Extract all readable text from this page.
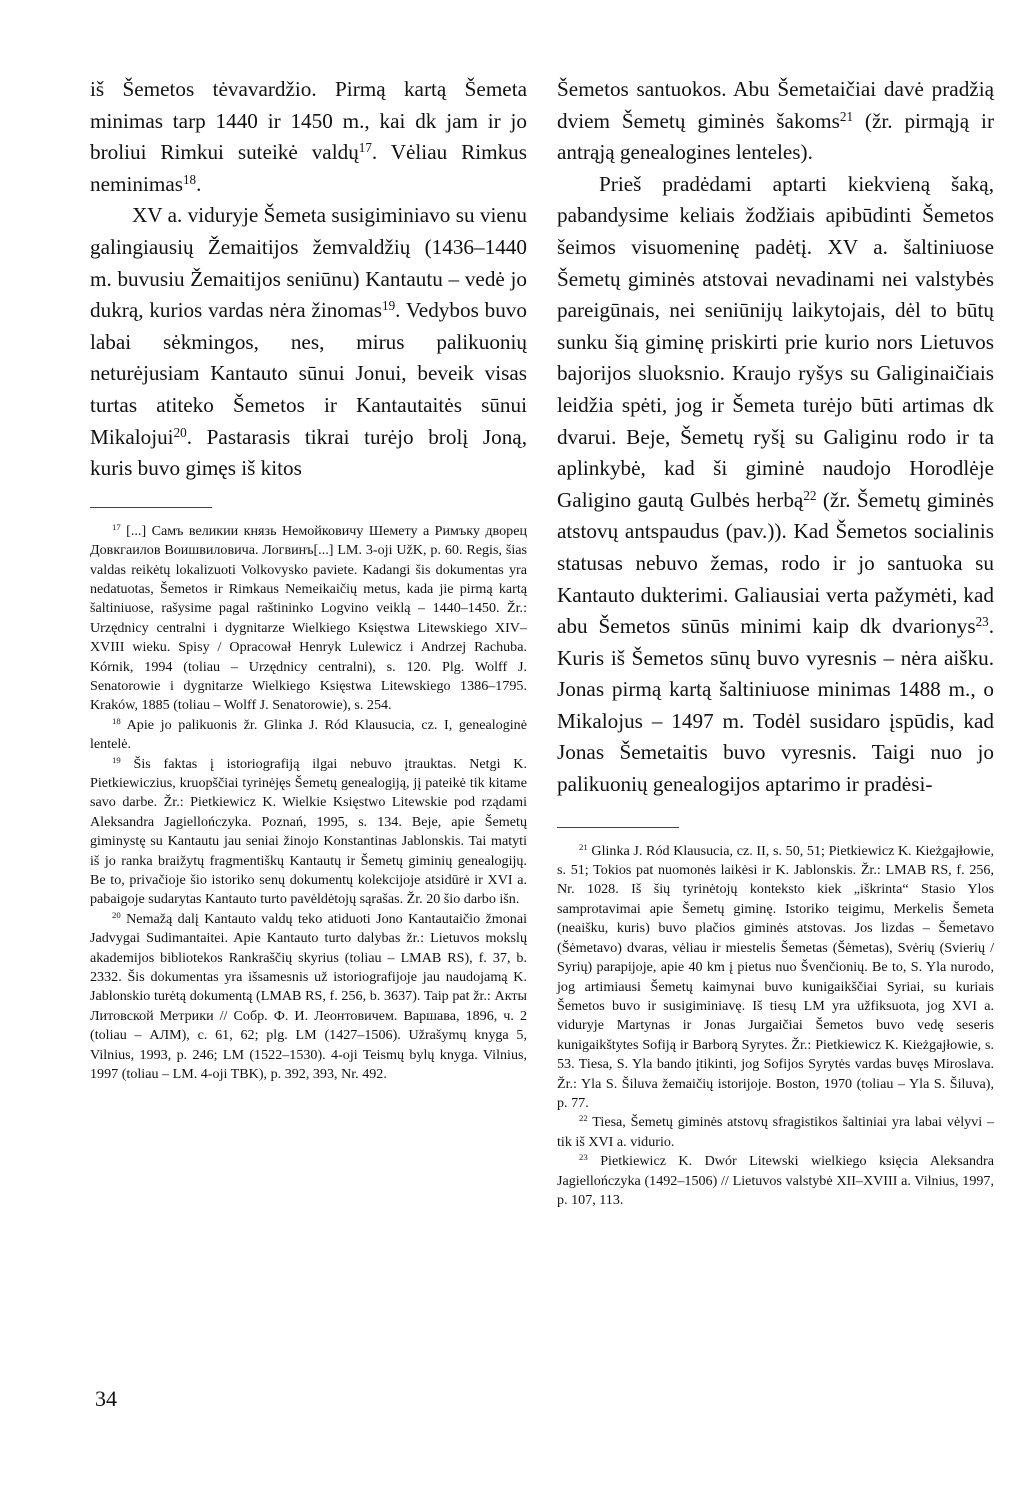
iš Šemetos tėvavardžio. Pirmą kartą Šemeta minimas tarp 1440 ir 1450 m., kai dk jam ir jo broliui Rimkui suteikė valdų$^{17}$. Vėliau Rimkus neminimas$^{18}$.

XV a. viduryje Šemeta susigiminiavo su vienu galingiausių Žemaitijos žemvaldžių (1436–1440 m. buvusiu Žemaitijos seniūnu) Kantautu – vedė jo dukrą, kurios vardas nėra žinomas$^{19}$. Vedybos buvo labai sėkmingos, nes, mirus palikuonių neturėjusiam Kantauto sūnui Jonui, beveik visas turtas atiteko Šemetos ir Kantautaitės sūnui Mikalojui$^{20}$. Pastarasis tikrai turėjo brolį Joną, kuris buvo gimęs iš kitos

$^{17}$ [...] Самъ великии князь Немойковичу Шемету а Римъку дворец Довкгаилов Воишвиловича. Логвинъ[...] LM. 3-oji UžK, p. 60. Regis, šias valdas reikėtų lokalizuoti Volkovysko paviete. Kadangi šis dokumentas yra nedatuotas, Šemetos ir Rimkaus Nemeikaičių metus, kada jie pirmą kartą šaltiniuose, rašysime pagal raštininko Logvino veiklą – 1440–1450. Žr.: Urzędnicy centralni i dygnitarze Wielkiego Księstwa Litewskiego XIV–XVIII wieku. Spisy / Opracował Henryk Lulewicz i Andrzej Rachuba. Kórnik, 1994 (toliau – Urzędnicy centralni), s. 120. Plg. Wolff J. Senatorowie i dygnitarze Wielkiego Księstwa Litewskiego 1386–1795. Kraków, 1885 (toliau – Wolff J. Senatorowie), s. 254.

$^{18}$ Apie jo palikuonis žr. Glinka J. Ród Klausucia, cz. I, genealoginė lentelė.

$^{19}$ Šis faktas į istoriografiją ilgai nebuvo įtrauktas. Netgi K. Pietkiewiczius, kruopščiai tyrinėjęs Šemetų genealogiją, jį pateikė tik kitame savo darbe. Žr.: Pietkiewicz K. Wielkie Księstwo Litewskie pod rządami Aleksandra Jagiellończyka. Poznań, 1995, s. 134. Beje, apie Šemetų giminystę su Kantautu jau seniai žinojo Konstantinas Jablonskis. Tai matyti iš jo ranka braižytų fragmentiškų Kantautų ir Šemetų giminių genealogijų. Be to, privačioje šio istoriko senų dokumentų kolekcijoje atsidūrė ir XVI a. pabaigoje sudarytas Kantauto turto pavėldėtojų sąrašas. Žr. 20 šio darbo išn.

$^{20}$ Nemažą dalį Kantauto valdų teko atiduoti Jono Kantautaičio žmonai Jadvygai Sudimantaitei. Apie Kantauto turto dalybas žr.: Lietuvos mokslų akademijos bibliotekos Rankraščių skyrius (toliau – LMAB RS), f. 37, b. 2332. Šis dokumentas yra išsamesnis už istoriografijoje jau naudojamą K. Jablonskio turėtą dokumentą (LMAB RS, f. 256, b. 3637). Taip pat žr.: Акты Литовской Метрики // Собр. Ф. И. Леонтовичем. Варшава, 1896, ч. 2 (toliau – АЛМ), с. 61, 62; plg. LM (1427–1506). Užrašymų knyga 5, Vilnius, 1993, p. 246; LM (1522–1530). 4-oji Teismų bylų knyga. Vilnius, 1997 (toliau – LM. 4-oji TBK), p. 392, 393, Nr. 492.

Šemetos santuokos. Abu Šemetaičiai davė pradžią dviem Šemetų giminės šakoms$^{21}$ (žr. pirmąją ir antrąją genealogines lenteles).

Prieš pradėdami aptarti kiekvieną šaką, pabandysime keliais žodžiais apibūdinti Šemetos šeimos visuomeninę padėtį. XV a. šaltiniuose Šemetų giminės atstovai nevadinami nei valstybės pareigūnais, nei seniūnijų laikytojais, dėl to būtų sunku šią giminę priskirti prie kurio nors Lietuvos bajorijos sluoksnio. Kraujo ryšys su Galiginaičiais leidžia spėti, jog ir Šemeta turėjo būti artimas dk dvarui. Beje, Šemetų ryšį su Galiginu rodo ir ta aplinkybė, kad ši giminė naudojo Horodlėje Galigino gautą Gulbės herbą$^{22}$ (žr. Šemetų giminės atstovų antspaudus (pav.)). Kad Šemetos socialinis statusas nebuvo žemas, rodo ir jo santuoka su Kantauto dukterimi. Galiausiai verta pažymėti, kad abu Šemetos sūnūs minimi kaip dk dvarionys$^{23}$. Kuris iš Šemetos sūnų buvo vyresnis – nėra aišku. Jonas pirmą kartą šaltiniuose minimas 1488 m., o Mikalojus – 1497 m. Todėl susidaro įspūdis, kad Jonas Šemetaitis buvo vyresnis. Taigi nuo jo palikuonių genealogijos aptarimo ir pradėsi-

$^{21}$ Glinka J. Ród Klausucia, cz. II, s. 50, 51; Pietkiewicz K. Kieżgajłowie, s. 51; Tokios pat nuomonės laikėsi ir K. Jablonskis. Žr.: LMAB RS, f. 256, Nr. 1028. Iš šių tyrinėtojų konteksto kiek „iškrinta“ Stasio Ylos samprotavimai apie Šemetų giminę. Istoriko teigimu, Merkelis Šemeta (neaišku, kuris) buvo plačios giminės atstovas. Jos lizdas – Šemetavo (Šėmetavo) dvaras, vėliau ir miestelis Šemetas (Šėmetas), Svėrių (Svierių / Syrių) parapijoje, apie 40 km į pietus nuo Švenčionių. Be to, S. Yla nurodo, jog artimiausi Šemetų kaimynai buvo kunigaikščiai Syriai, su kuriais Šemetos buvo ir susigiminiavę. Iš tiesų LM yra užfiksuota, jog XVI a. viduryje Martynas ir Jonas Jurgaičiai Šemetos buvo vedę seseris kunigaikštytes Sofiją ir Barborą Syrytes. Žr.: Pietkiewicz K. Kieżgajłowie, s. 53. Tiesa, S. Yla bando įtikinti, jog Sofijos Syrytės vardas buvęs Miroslava. Žr.: Yla S. Šiluva žemaičių istorijoje. Boston, 1970 (toliau – Yla S. Šiluva), p. 77.

$^{22}$ Tiesa, Šemetų giminės atstovų sfragistikos šaltiniai yra labai vėlyvi – tik iš XVI a. vidurio.

$^{23}$ Pietkiewicz K. Dwór Litewski wielkiego księcia Aleksandra Jagiellończyka (1492–1506) // Lietuvos valstybė XII–XVIII a. Vilnius, 1997, p. 107, 113.

34
